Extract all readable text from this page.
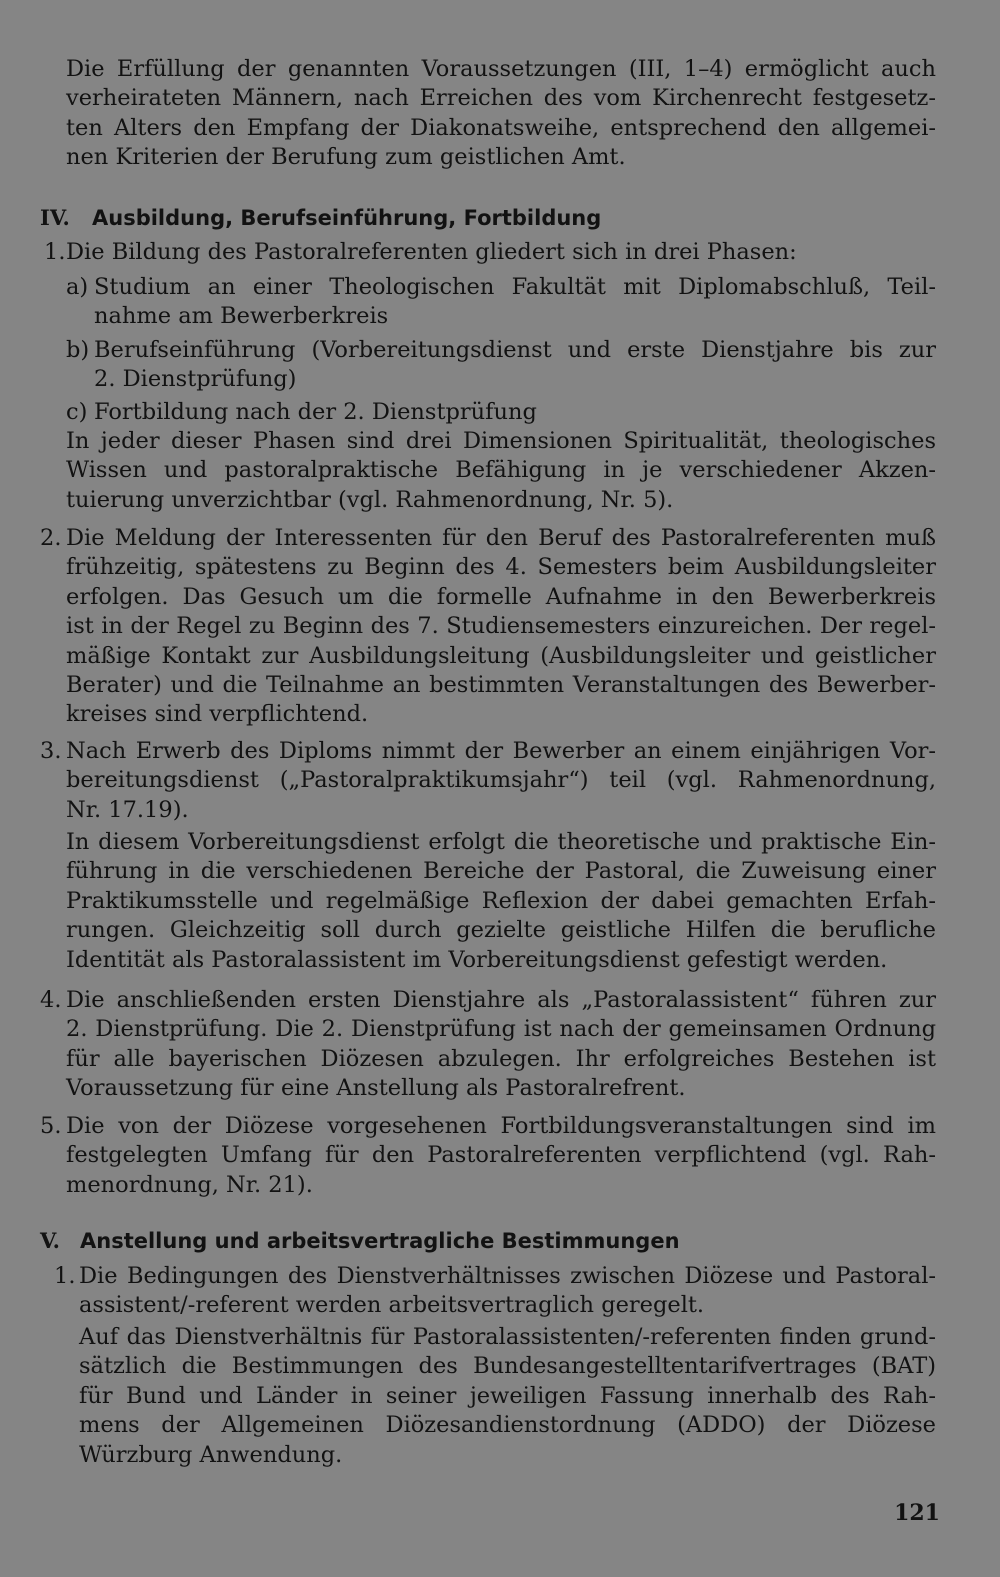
Die Erfüllung der genannten Voraussetzungen (III, 1–4) ermöglicht auch
verheirateten Männern, nach Erreichen des vom Kirchenrecht festgesetz-
ten Alters den Empfang der Diakonatsweihe, entsprechend den allgemei-

nen Kriterien der Berufung zum geistlichen Amt.

IV. Ausbildung, Berufseinführung, Fortbildung
1. Die Bildung des Pastoralreferenten gliedert sich in drei Phasen:

a) Studium an einer Theologischen Fakultät mit Diplomabschluß, Teil-

nahme am Bewerberkreis

b) Berufseinführung (Vorbereitungsdienst und erste Dienstjahre bis zur

2. Dienstprüfung)

c) Fortbildung nach der 2. Dienstprüfung

In jeder dieser Phasen sind drei Dimensionen Spiritualität, theologisches
Wissen und pastoralpraktische Befähigung in je verschiedener Akzen-

tuierung unverzichtbar (vgl. Rahmenordnung, Nr. 5).

2. Die Meldung der Interessenten für den Beruf des Pastoralreferenten muß
frühzeitig, spätestens zu Beginn des 4. Semesters beim Ausbildungsleiter
erfolgen. Das Gesuch um die formelle Aufnahme in den Bewerberkreis
ist in der Regel zu Beginn des 7. Studiensemesters einzureichen. Der regel-
mäßige Kontakt zur Ausbildungsleitung (Ausbildungsleiter und geistlicher
Berater) und die Teilnahme an bestimmten Veranstaltungen des Bewerber-

kreises sind verpflichtend.

3. Nach Erwerb des Diploms nimmt der Bewerber an einem einjährigen Vor-
bereitungsdienst („Pastoralpraktikumsjahr“) teil (vgl. Rahmenordnung,

Nr. 17.19).

In diesem Vorbereitungsdienst erfolgt die theoretische und praktische Ein-
führung in die verschiedenen Bereiche der Pastoral, die Zuweisung einer
Praktikumsstelle und regelmäßige Reflexion der dabei gemachten Erfah-
rungen. Gleichzeitig soll durch gezielte geistliche Hilfen die berufliche

Identität als Pastoralassistent im Vorbereitungsdienst gefestigt werden.

4. Die anschließenden ersten Dienstjahre als „Pastoralassistent“ führen zur
2. Dienstprüfung. Die 2. Dienstprüfung ist nach der gemeinsamen Ordnung
für alle bayerischen Diözesen abzulegen. Ihr erfolgreiches Bestehen ist

Voraussetzung für eine Anstellung als Pastoralrefrent.

5. Die von der Diözese vorgesehenen Fortbildungsveranstaltungen sind im
festgelegten Umfang für den Pastoralreferenten verpflichtend (vgl. Rah-

menordnung, Nr. 21).

V. Anstellung und arbeitsvertragliche Bestimmungen
1. Die Bedingungen des Dienstverhältnisses zwischen Diözese und Pastoral-

assistent/-referent werden arbeitsvertraglich geregelt.

Auf das Dienstverhältnis für Pastoralassistenten/-referenten finden grund-
sätzlich die Bestimmungen des Bundesangestelltentarifvertrages (BAT)
für Bund und Länder in seiner jeweiligen Fassung innerhalb des Rah-
mens der Allgemeinen Diözesandienstordnung (ADDO) der Diözese

Würzburg Anwendung.

121
